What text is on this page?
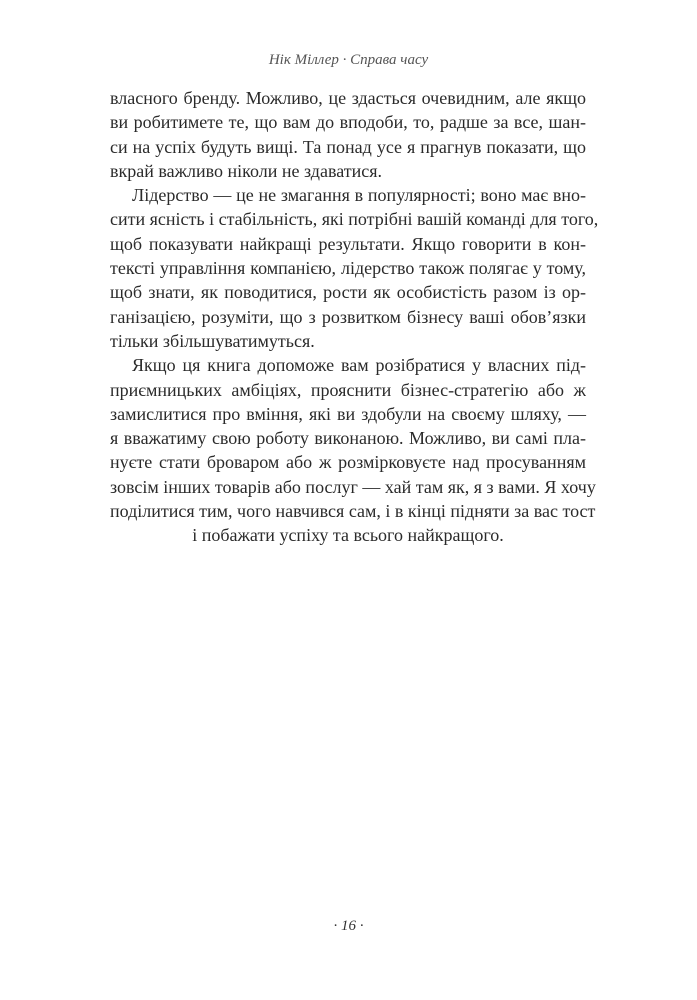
Нік Міллер · Справа часу
власного бренду. Можливо, це здасться очевидним, але якщо
ви робитимете те, що вам до вподоби, то, радше за все, шан-
си на успіх будуть вищі. Та понад усе я прагнув показати, що
вкрай важливо ніколи не здаватися.
Лідерство — це не змагання в популярності; воно має вно-
сити ясність і стабільність, які потрібні вашій команді для того,
щоб показувати найкращі результати. Якщо говорити в кон-
тексті управління компанією, лідерство також полягає у тому,
щоб знати, як поводитися, рости як особистість разом із ор-
ганізацією, розуміти, що з розвитком бізнесу ваші обов’язки
тільки збільшуватимуться.
Якщо ця книга допоможе вам розібратися у власних під-
приємницьких амбіціях, прояснити бізнес-стратегію або ж
замислитися про вміння, які ви здобули на своєму шляху, —
я вважатиму свою роботу виконаною. Можливо, ви самі пла-
нуєте стати броваром або ж розмірковуєте над просуванням
зовсім інших товарів або послуг — хай там як, я з вами. Я хочу
поділитися тим, чого навчився сам, і в кінці підняти за вас тост
і побажати успіху та всього найкращого.
· 16 ·
